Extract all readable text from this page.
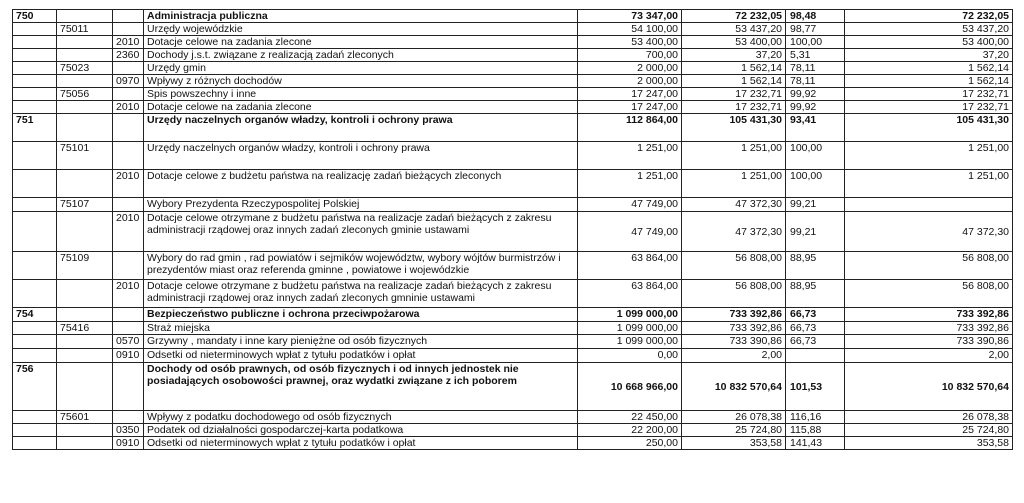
750			Administracja publiczna	73 347,00	72 232,05	98,48	72 232,05
	75011		Urzędy wojewódzkie	54 100,00	53 437,20	98,77	53 437,20
		2010	Dotacje celowe na zadania zlecone	53 400,00	53 400,00	100,00	53 400,00
		2360	Dochody j.s.t. związane z realizacją zadań zleconych	700,00	37,20	5,31	37,20
	75023		Urzędy gmin	2 000,00	1 562,14	78,11	1 562,14
		0970	Wpływy z różnych dochodów	2 000,00	1 562,14	78,11	1 562,14
	75056		Spis powszechny i inne	17 247,00	17 232,71	99,92	17 232,71
		2010	Dotacje celowe na zadania zlecone	17 247,00	17 232,71	99,92	17 232,71
751			Urzędy naczelnych organów władzy, kontroli i ochrony prawa	112 864,00	105 431,30	93,41	105 431,30
	75101		Urzędy naczelnych organów władzy, kontroli i ochrony prawa	1 251,00	1 251,00	100,00	1 251,00
		2010	Dotacje celowe z budżetu państwa na realizację zadań bieżących zleconych	1 251,00	1 251,00	100,00	1 251,00
	75107		Wybory Prezydenta Rzeczypospolitej Polskiej	47 749,00	47 372,30	99,21	
		2010	Dotacje celowe otrzymane z budżetu państwa na realizacje zadań bieżących z zakresu administracji rządowej oraz innych zadań zleconych gminie ustawami	47 749,00	47 372,30	99,21	47 372,30
	75109		Wybory do rad gmin , rad powiatów i sejmików województw, wybory wójtów burmistrzów i prezydentów miast oraz referenda gminne , powiatowe i wojewódzkie	63 864,00	56 808,00	88,95	56 808,00
		2010	Dotacje celowe otrzymane z budżetu państwa na realizacje zadań bieżących z zakresu administracji rządowej oraz innych zadań zleconych gmninie ustawami	63 864,00	56 808,00	88,95	56 808,00
754			Bezpieczeństwo publiczne i ochrona przeciwpożarowa	1 099 000,00	733 392,86	66,73	733 392,86
	75416		Straż miejska	1 099 000,00	733 392,86	66,73	733 392,86
		0570	Grzywny , mandaty i inne kary pieniężne od osób fizycznych	1 099 000,00	733 390,86	66,73	733 390,86
		0910	Odsetki od nieterminowych wpłat z tytułu podatków i opłat	0,00	2,00		2,00
756			Dochody od osób prawnych, od osób fizycznych i od innych jednostek nie posiadających osobowości prawnej, oraz wydatki związane z ich poborem	10 668 966,00	10 832 570,64	101,53	10 832 570,64
	75601		Wpływy z podatku dochodowego od osób fizycznych	22 450,00	26 078,38	116,16	26 078,38
		0350	Podatek od działalności gospodarczej-karta podatkowa	22 200,00	25 724,80	115,88	25 724,80
		0910	Odsetki od nieterminowych wpłat z tytułu podatków i opłat	250,00	353,58	141,43	353,58
